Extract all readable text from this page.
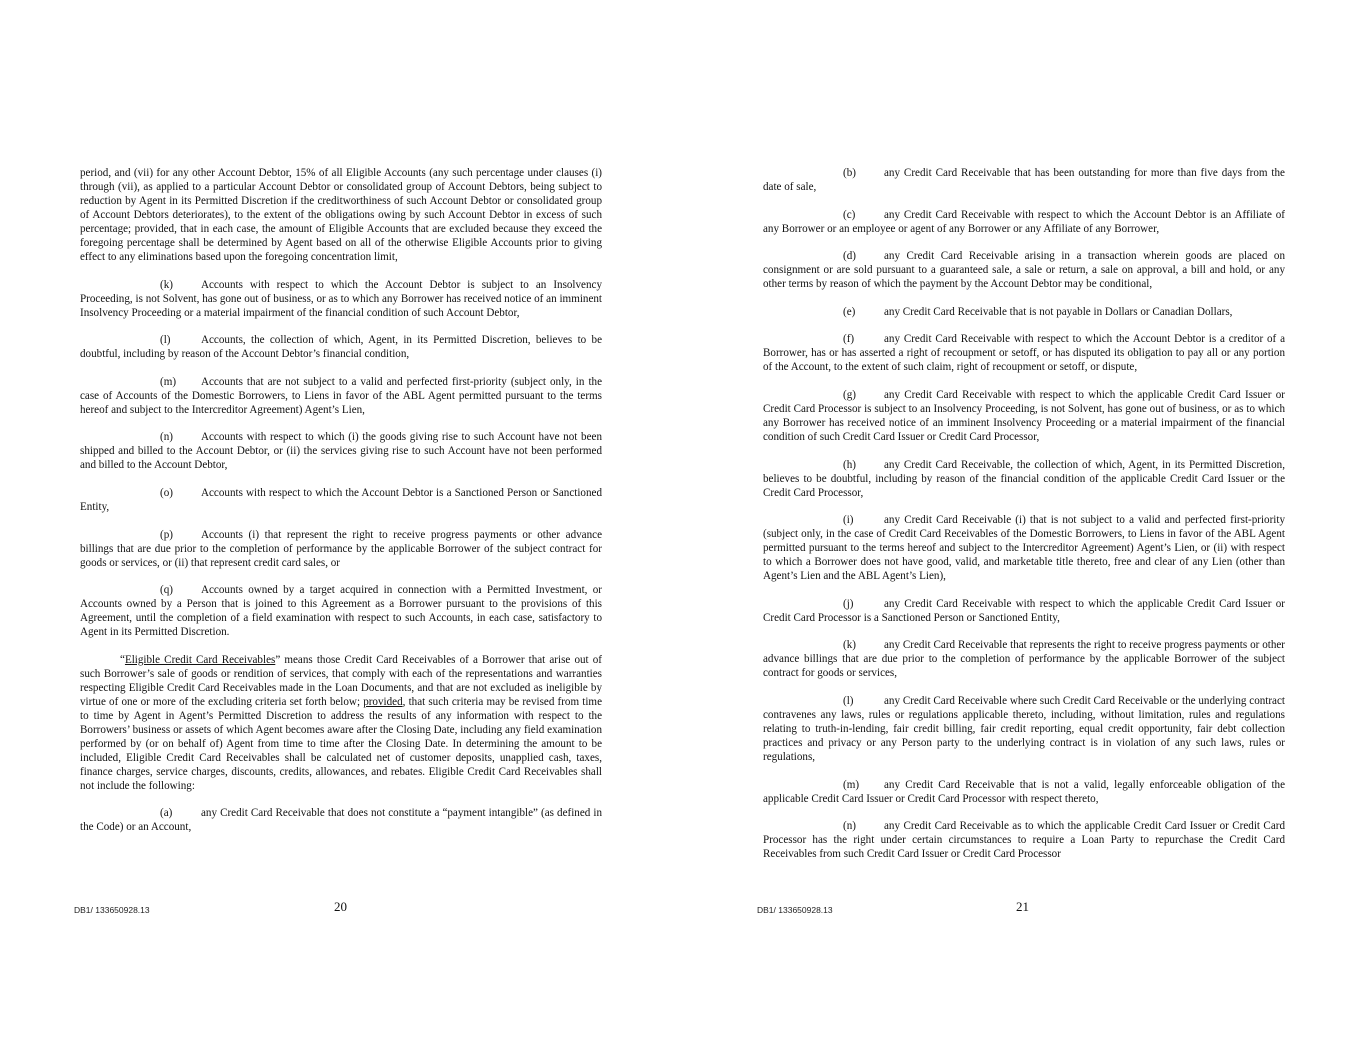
period, and (vii) for any other Account Debtor, 15% of all Eligible Accounts (any such percentage under clauses (i) through (vii), as applied to a particular Account Debtor or consolidated group of Account Debtors, being subject to reduction by Agent in its Permitted Discretion if the creditworthiness of such Account Debtor or consolidated group of Account Debtors deteriorates), to the extent of the obligations owing by such Account Debtor in excess of such percentage; provided, that in each case, the amount of Eligible Accounts that are excluded because they exceed the foregoing percentage shall be determined by Agent based on all of the otherwise Eligible Accounts prior to giving effect to any eliminations based upon the foregoing concentration limit,

(k)	Accounts with respect to which the Account Debtor is subject to an Insolvency Proceeding, is not Solvent, has gone out of business, or as to which any Borrower has received notice of an imminent Insolvency Proceeding or a material impairment of the financial condition of such Account Debtor,

(l)	Accounts, the collection of which, Agent, in its Permitted Discretion, believes to be doubtful, including by reason of the Account Debtor’s financial condition,

(m) Accounts that are not subject to a valid and perfected first-priority (subject only, in the case of Accounts of the Domestic Borrowers, to Liens in favor of the ABL Agent permitted pursuant to the terms hereof and subject to the Intercreditor Agreement) Agent’s Lien,

(n)	Accounts with respect to which (i) the goods giving rise to such Account have not been shipped and billed to the Account Debtor, or (ii) the services giving rise to such Account have not been performed and billed to the Account Debtor,

(o)	Accounts with respect to which the Account Debtor is a Sanctioned Person or Sanctioned Entity,

(p)	Accounts (i) that represent the right to receive progress payments or other advance billings that are due prior to the completion of performance by the applicable Borrower of the subject contract for goods or services, or (ii) that represent credit card sales, or

(q)	Accounts owned by a target acquired in connection with a Permitted Investment, or Accounts owned by a Person that is joined to this Agreement as a Borrower pursuant to the provisions of this Agreement, until the completion of a field examination with respect to such Accounts, in each case, satisfactory to Agent in its Permitted Discretion.

“Eligible Credit Card Receivables” means those Credit Card Receivables of a Borrower that arise out of such Borrower’s sale of goods or rendition of services, that comply with each of the representations and warranties respecting Eligible Credit Card Receivables made in the Loan Documents, and that are not excluded as ineligible by virtue of one or more of the excluding criteria set forth below; provided, that such criteria may be revised from time to time by Agent in Agent’s Permitted Discretion to address the results of any information with respect to the Borrowers’ business or assets of which Agent becomes aware after the Closing Date, including any field examination performed by (or on behalf of) Agent from time to time after the Closing Date. In determining the amount to be included, Eligible Credit Card Receivables shall be calculated net of customer deposits, unapplied cash, taxes, finance charges, service charges, discounts, credits, allowances, and rebates. Eligible Credit Card Receivables shall not include the following:

(a)	any Credit Card Receivable that does not constitute a “payment intangible” (as defined in the Code) or an Account,

DB1/ 133650928.13	20

(b)	any Credit Card Receivable that has been outstanding for more than five days from the date of sale,

(c)	any Credit Card Receivable with respect to which the Account Debtor is an Affiliate of any Borrower or an employee or agent of any Borrower or any Affiliate of any Borrower,

(d)	any Credit Card Receivable arising in a transaction wherein goods are placed on consignment or are sold pursuant to a guaranteed sale, a sale or return, a sale on approval, a bill and hold, or any other terms by reason of which the payment by the Account Debtor may be conditional,

(e)	any Credit Card Receivable that is not payable in Dollars or Canadian Dollars,

(f)	any Credit Card Receivable with respect to which the Account Debtor is a creditor of a Borrower, has or has asserted a right of recoupment or setoff, or has disputed its obligation to pay all or any portion of the Account, to the extent of such claim, right of recoupment or setoff, or dispute,

(g)	any Credit Card Receivable with respect to which the applicable Credit Card Issuer or Credit Card Processor is subject to an Insolvency Proceeding, is not Solvent, has gone out of business, or as to which any Borrower has received notice of an imminent Insolvency Proceeding or a material impairment of the financial condition of such Credit Card Issuer or Credit Card Processor,

(h)	any Credit Card Receivable, the collection of which, Agent, in its Permitted Discretion, believes to be doubtful, including by reason of the financial condition of the applicable Credit Card Issuer or the Credit Card Processor,

(i)	any Credit Card Receivable (i) that is not subject to a valid and perfected first-priority (subject only, in the case of Credit Card Receivables of the Domestic Borrowers, to Liens in favor of the ABL Agent permitted pursuant to the terms hereof and subject to the Intercreditor Agreement) Agent’s Lien, or (ii) with respect to which a Borrower does not have good, valid, and marketable title thereto, free and clear of any Lien (other than Agent’s Lien and the ABL Agent’s Lien),

(j)	any Credit Card Receivable with respect to which the applicable Credit Card Issuer or Credit Card Processor is a Sanctioned Person or Sanctioned Entity,

(k)	any Credit Card Receivable that represents the right to receive progress payments or other advance billings that are due prior to the completion of performance by the applicable Borrower of the subject contract for goods or services,

(l)	any Credit Card Receivable where such Credit Card Receivable or the underlying contract contravenes any laws, rules or regulations applicable thereto, including, without limitation, rules and regulations relating to truth-in-lending, fair credit billing, fair credit reporting, equal credit opportunity, fair debt collection practices and privacy or any Person party to the underlying contract is in violation of any such laws, rules or regulations,

(m) any Credit Card Receivable that is not a valid, legally enforceable obligation of the applicable Credit Card Issuer or Credit Card Processor with respect thereto,

(n)	any Credit Card Receivable as to which the applicable Credit Card Issuer or Credit Card Processor has the right under certain circumstances to require a Loan Party to repurchase the Credit Card Receivables from such Credit Card Issuer or Credit Card Processor

DB1/ 133650928.13	21
